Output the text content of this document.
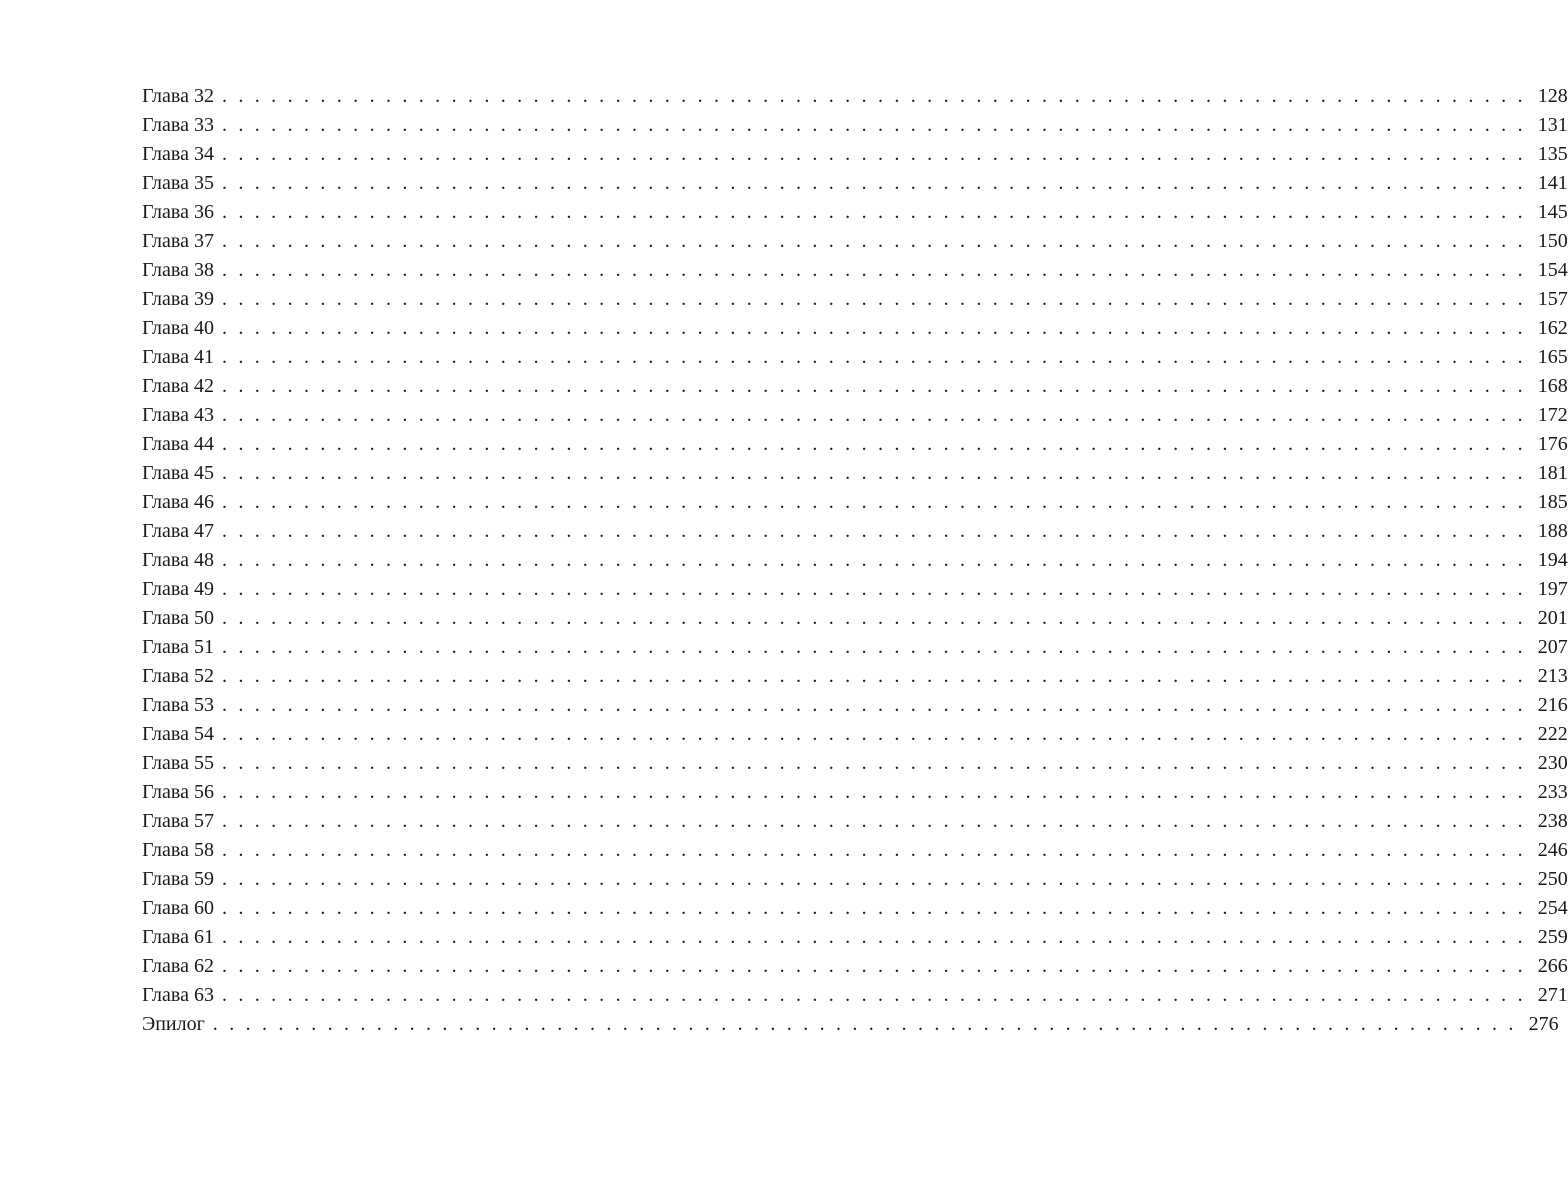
Глава 32 . . . . . . . . . . . . . . . . . . . . . . . . . . . . . . . . . . . . . . . . . . . . . . . . . . . . . . . . . . . . . . . . . . . . . . . . . . . . . . . . 128
Глава 33 . . . . . . . . . . . . . . . . . . . . . . . . . . . . . . . . . . . . . . . . . . . . . . . . . . . . . . . . . . . . . . . . . . . . . . . . . . . . . . . . 131
Глава 34 . . . . . . . . . . . . . . . . . . . . . . . . . . . . . . . . . . . . . . . . . . . . . . . . . . . . . . . . . . . . . . . . . . . . . . . . . . . . . . . . 135
Глава 35 . . . . . . . . . . . . . . . . . . . . . . . . . . . . . . . . . . . . . . . . . . . . . . . . . . . . . . . . . . . . . . . . . . . . . . . . . . . . . . . . 141
Глава 36 . . . . . . . . . . . . . . . . . . . . . . . . . . . . . . . . . . . . . . . . . . . . . . . . . . . . . . . . . . . . . . . . . . . . . . . . . . . . . . . . 145
Глава 37 . . . . . . . . . . . . . . . . . . . . . . . . . . . . . . . . . . . . . . . . . . . . . . . . . . . . . . . . . . . . . . . . . . . . . . . . . . . . . . . . 150
Глава 38 . . . . . . . . . . . . . . . . . . . . . . . . . . . . . . . . . . . . . . . . . . . . . . . . . . . . . . . . . . . . . . . . . . . . . . . . . . . . . . . . 154
Глава 39 . . . . . . . . . . . . . . . . . . . . . . . . . . . . . . . . . . . . . . . . . . . . . . . . . . . . . . . . . . . . . . . . . . . . . . . . . . . . . . . . 157
Глава 40 . . . . . . . . . . . . . . . . . . . . . . . . . . . . . . . . . . . . . . . . . . . . . . . . . . . . . . . . . . . . . . . . . . . . . . . . . . . . . . . . 162
Глава 41 . . . . . . . . . . . . . . . . . . . . . . . . . . . . . . . . . . . . . . . . . . . . . . . . . . . . . . . . . . . . . . . . . . . . . . . . . . . . . . . . 165
Глава 42 . . . . . . . . . . . . . . . . . . . . . . . . . . . . . . . . . . . . . . . . . . . . . . . . . . . . . . . . . . . . . . . . . . . . . . . . . . . . . . . . 168
Глава 43 . . . . . . . . . . . . . . . . . . . . . . . . . . . . . . . . . . . . . . . . . . . . . . . . . . . . . . . . . . . . . . . . . . . . . . . . . . . . . . . . 172
Глава 44 . . . . . . . . . . . . . . . . . . . . . . . . . . . . . . . . . . . . . . . . . . . . . . . . . . . . . . . . . . . . . . . . . . . . . . . . . . . . . . . . 176
Глава 45 . . . . . . . . . . . . . . . . . . . . . . . . . . . . . . . . . . . . . . . . . . . . . . . . . . . . . . . . . . . . . . . . . . . . . . . . . . . . . . . . 181
Глава 46 . . . . . . . . . . . . . . . . . . . . . . . . . . . . . . . . . . . . . . . . . . . . . . . . . . . . . . . . . . . . . . . . . . . . . . . . . . . . . . . . 185
Глава 47 . . . . . . . . . . . . . . . . . . . . . . . . . . . . . . . . . . . . . . . . . . . . . . . . . . . . . . . . . . . . . . . . . . . . . . . . . . . . . . . . 188
Глава 48 . . . . . . . . . . . . . . . . . . . . . . . . . . . . . . . . . . . . . . . . . . . . . . . . . . . . . . . . . . . . . . . . . . . . . . . . . . . . . . . . 194
Глава 49 . . . . . . . . . . . . . . . . . . . . . . . . . . . . . . . . . . . . . . . . . . . . . . . . . . . . . . . . . . . . . . . . . . . . . . . . . . . . . . . . 197
Глава 50 . . . . . . . . . . . . . . . . . . . . . . . . . . . . . . . . . . . . . . . . . . . . . . . . . . . . . . . . . . . . . . . . . . . . . . . . . . . . . . . . 201
Глава 51 . . . . . . . . . . . . . . . . . . . . . . . . . . . . . . . . . . . . . . . . . . . . . . . . . . . . . . . . . . . . . . . . . . . . . . . . . . . . . . . . 207
Глава 52 . . . . . . . . . . . . . . . . . . . . . . . . . . . . . . . . . . . . . . . . . . . . . . . . . . . . . . . . . . . . . . . . . . . . . . . . . . . . . . . . 213
Глава 53 . . . . . . . . . . . . . . . . . . . . . . . . . . . . . . . . . . . . . . . . . . . . . . . . . . . . . . . . . . . . . . . . . . . . . . . . . . . . . . . . 216
Глава 54 . . . . . . . . . . . . . . . . . . . . . . . . . . . . . . . . . . . . . . . . . . . . . . . . . . . . . . . . . . . . . . . . . . . . . . . . . . . . . . . . 222
Глава 55 . . . . . . . . . . . . . . . . . . . . . . . . . . . . . . . . . . . . . . . . . . . . . . . . . . . . . . . . . . . . . . . . . . . . . . . . . . . . . . . . 230
Глава 56 . . . . . . . . . . . . . . . . . . . . . . . . . . . . . . . . . . . . . . . . . . . . . . . . . . . . . . . . . . . . . . . . . . . . . . . . . . . . . . . . 233
Глава 57 . . . . . . . . . . . . . . . . . . . . . . . . . . . . . . . . . . . . . . . . . . . . . . . . . . . . . . . . . . . . . . . . . . . . . . . . . . . . . . . . 238
Глава 58 . . . . . . . . . . . . . . . . . . . . . . . . . . . . . . . . . . . . . . . . . . . . . . . . . . . . . . . . . . . . . . . . . . . . . . . . . . . . . . . . 246
Глава 59 . . . . . . . . . . . . . . . . . . . . . . . . . . . . . . . . . . . . . . . . . . . . . . . . . . . . . . . . . . . . . . . . . . . . . . . . . . . . . . . . 250
Глава 60 . . . . . . . . . . . . . . . . . . . . . . . . . . . . . . . . . . . . . . . . . . . . . . . . . . . . . . . . . . . . . . . . . . . . . . . . . . . . . . . . 254
Глава 61 . . . . . . . . . . . . . . . . . . . . . . . . . . . . . . . . . . . . . . . . . . . . . . . . . . . . . . . . . . . . . . . . . . . . . . . . . . . . . . . . 259
Глава 62 . . . . . . . . . . . . . . . . . . . . . . . . . . . . . . . . . . . . . . . . . . . . . . . . . . . . . . . . . . . . . . . . . . . . . . . . . . . . . . . . 266
Глава 63 . . . . . . . . . . . . . . . . . . . . . . . . . . . . . . . . . . . . . . . . . . . . . . . . . . . . . . . . . . . . . . . . . . . . . . . . . . . . . . . . 271
Эпилог . . . . . . . . . . . . . . . . . . . . . . . . . . . . . . . . . . . . . . . . . . . . . . . . . . . . . . . . . . . . . . . . . . . . . . . . . . . . . . . . 276
